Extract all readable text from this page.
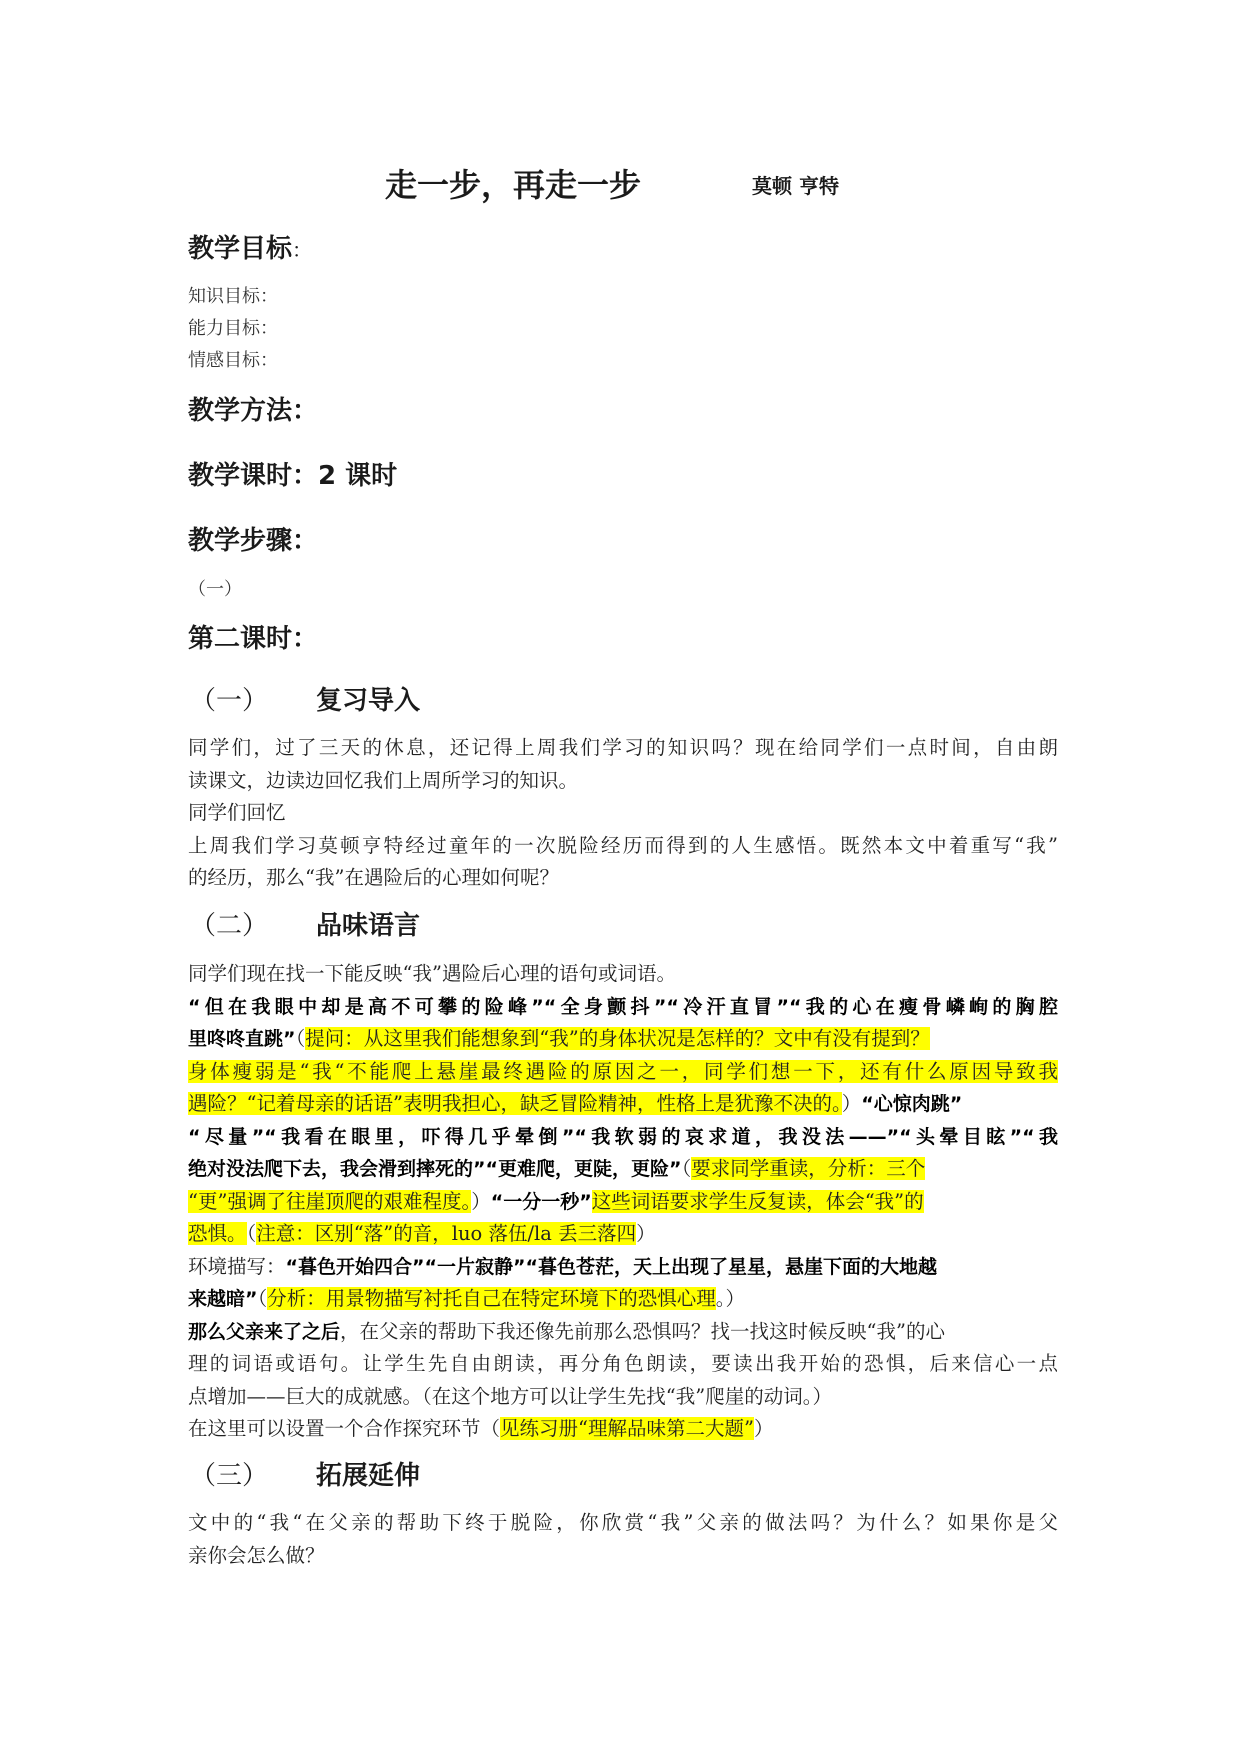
走一步，再走一步	莫顿 亨特
教学目标：
知识目标：
能力目标：
情感目标：
教学方法：
教学课时：2 课时
教学步骤：
（一）
第二课时：
（一） 复习导入
同学们，过了三天的休息，还记得上周我们学习的知识吗？现在给同学们一点时间，自由朗
读课文，边读边回忆我们上周所学习的知识。
同学们回忆
上周我们学习莫顿亨特经过童年的一次脱险经历而得到的人生感悟。既然本文中着重写“我”
的经历，那么“我”在遇险后的心理如何呢？
（二） 品味语言
同学们现在找一下能反映“我”遇险后心理的语句或词语。
“但在我眼中却是高不可攀的险峰”“全身颤抖”“冷汗直冒”“我的心在瘦骨嶙峋的胸腔
里咚咚直跳”（提问：从这里我们能想象到“我”的身体状况是怎样的？文中有没有提到？
身体瘦弱是“我“不能爬上悬崖最终遇险的原因之一，同学们想一下，还有什么原因导致我
遇险？“记着母亲的话语”表明我担心，缺乏冒险精神，性格上是犹豫不决的。）“心惊肉跳”
“尽量”“我看在眼里，吓得几乎晕倒”“我软弱的哀求道，我没法——”“头晕目眩”“我
绝对没法爬下去，我会滑到摔死的”“更难爬，更陡，更险”（要求同学重读，分析：三个
“更”强调了往崖顶爬的艰难程度。）“一分一秒”这些词语要求学生反复读，体会“我”的
恐惧。（注意：区别“落”的音，luo 落伍/la 丢三落四）
环境描写：“暮色开始四合”“一片寂静”“暮色苍茫，天上出现了星星，悬崖下面的大地越
来越暗”（分析：用景物描写衬托自己在特定环境下的恐惧心理。）
那么父亲来了之后，在父亲的帮助下我还像先前那么恐惧吗？找一找这时候反映“我”的心
理的词语或语句。让学生先自由朗读，再分角色朗读，要读出我开始的恐惧，后来信心一点
点增加——巨大的成就感。（在这个地方可以让学生先找“我”爬崖的动词。）
在这里可以设置一个合作探究环节（见练习册“理解品味第二大题”）
（三） 拓展延伸
文中的“我“在父亲的帮助下终于脱险，你欣赏“我”父亲的做法吗？为什么？如果你是父
亲你会怎么做？
